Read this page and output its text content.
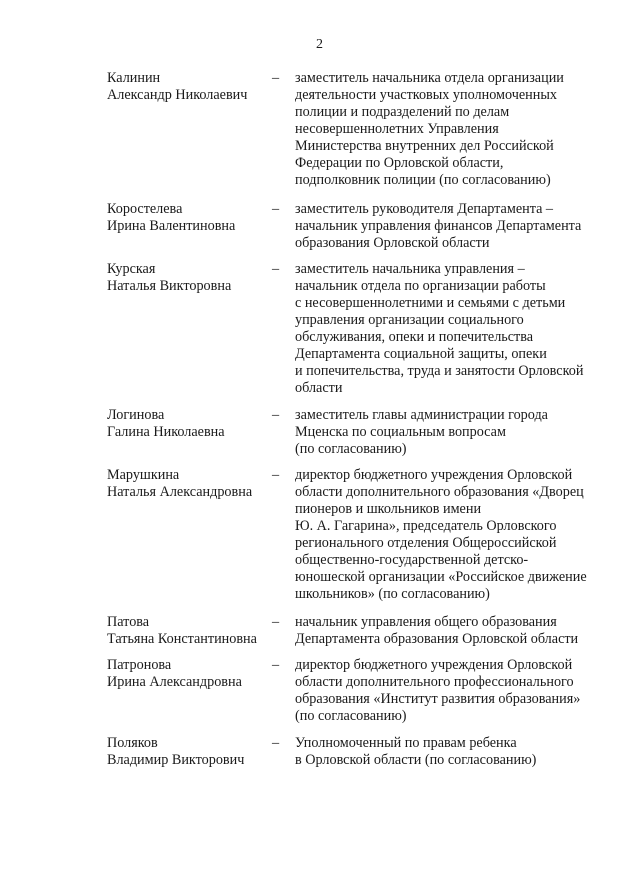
2
Калинин
Александр Николаевич
– заместитель начальника отдела организации
деятельности участковых уполномоченных
полиции и подразделений по делам
несовершеннолетних Управления
Министерства внутренних дел Российской
Федерации по Орловской области,
подполковник полиции (по согласованию)
Коростелева
Ирина Валентиновна
– заместитель руководителя Департамента –
начальник управления финансов Департамента
образования Орловской области
Курская
Наталья Викторовна
– заместитель начальника управления –
начальник отдела по организации работы
с несовершеннолетними и семьями с детьми
управления организации социального
обслуживания, опеки и попечительства
Департамента социальной защиты, опеки
и попечительства, труда и занятости Орловской
области
Логинова
Галина Николаевна
– заместитель главы администрации города
Мценска по социальным вопросам
(по согласованию)
Марушкина
Наталья Александровна
– директор бюджетного учреждения Орловской
области дополнительного образования «Дворец
пионеров и школьников имени
Ю. А. Гагарина», председатель Орловского
регионального отделения Общероссийской
общественно-государственной детско-
юношеской организации «Российское движение
школьников» (по согласованию)
Патова
Татьяна Константиновна
– начальник управления общего образования
Департамента образования Орловской области
Патронова
Ирина Александровна
– директор бюджетного учреждения Орловской
области дополнительного профессионального
образования «Институт развития образования»
(по согласованию)
Поляков
Владимир Викторович
– Уполномоченный по правам ребенка
в Орловской области (по согласованию)
